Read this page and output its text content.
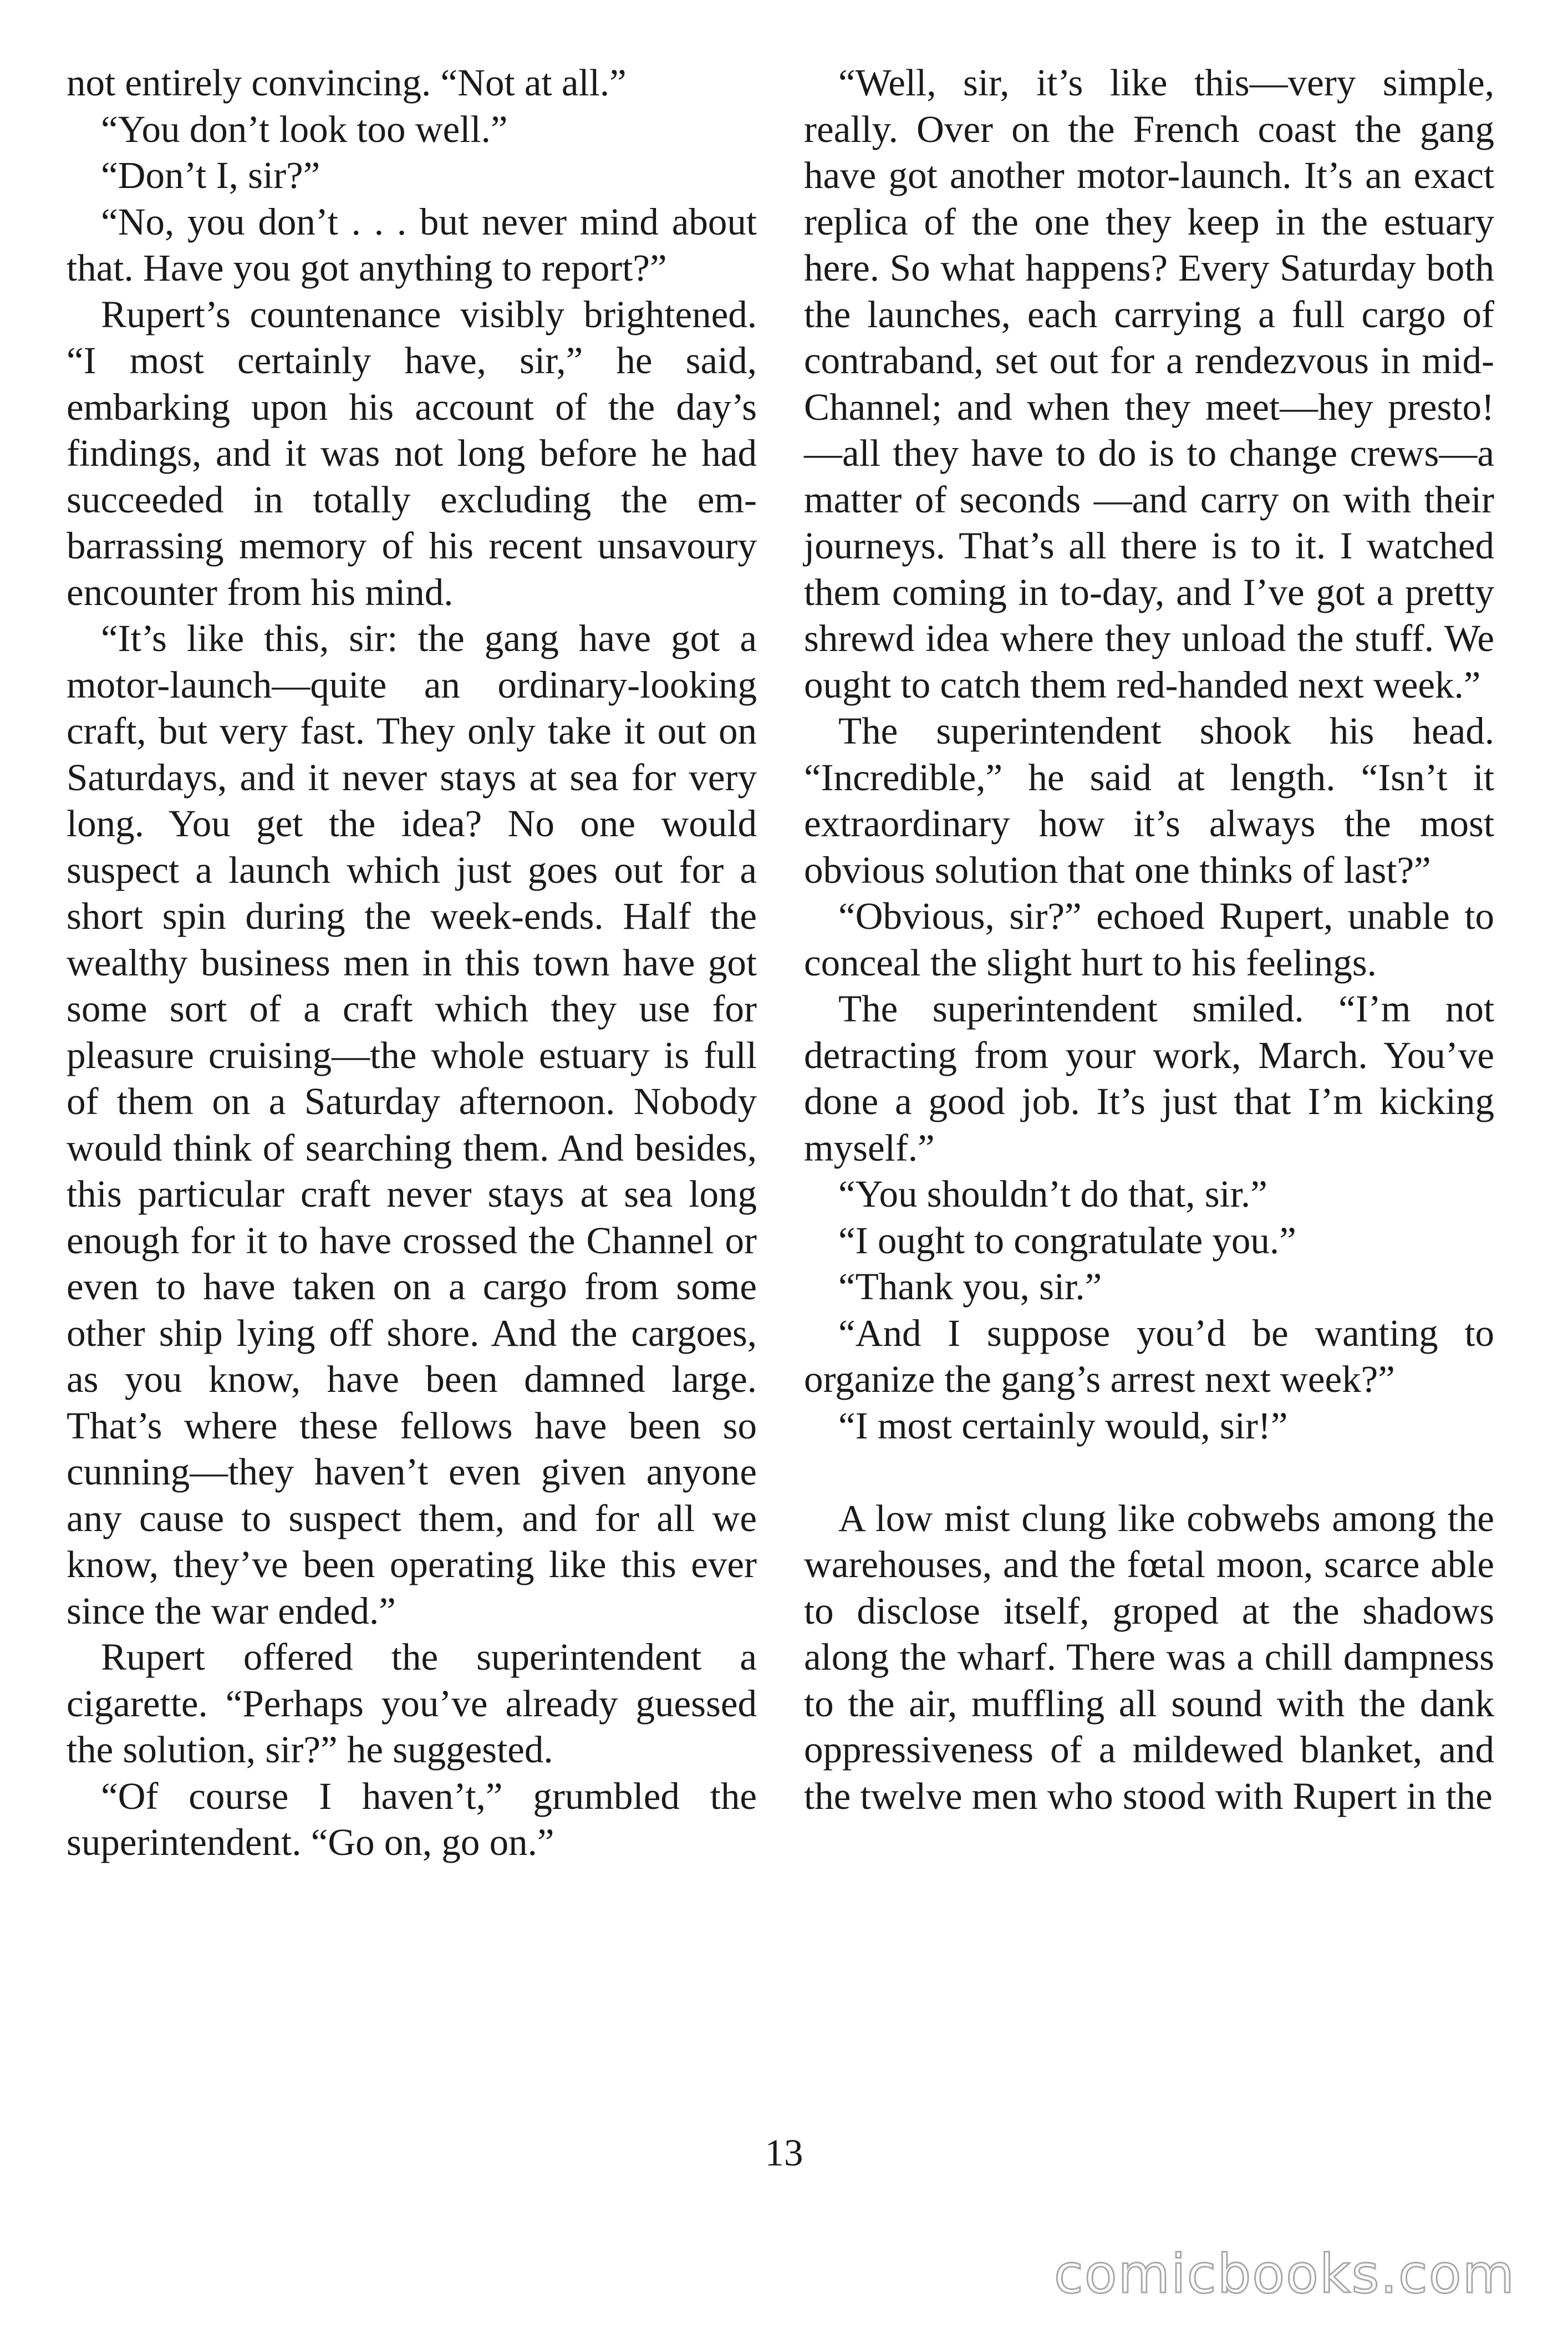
not entirely convincing. “Not at all.”

“You don’t look too well.”

“Don’t I, sir?”

“No, you don’t . . . but never mind about that. Have you got anything to report?”

Rupert’s countenance visibly brightened. “I most certainly have, sir,” he said, embarking upon his account of the day’s findings, and it was not long before he had succeeded in totally excluding the embarrassing memory of his recent unsavoury encounter from his mind.

“It’s like this, sir: the gang have got a motor-launch—quite an ordinary-looking craft, but very fast. They only take it out on Saturdays, and it never stays at sea for very long. You get the idea? No one would suspect a launch which just goes out for a short spin during the week-ends. Half the wealthy business men in this town have got some sort of a craft which they use for pleasure cruising—the whole estuary is full of them on a Saturday afternoon. Nobody would think of searching them. And besides, this particular craft never stays at sea long enough for it to have crossed the Channel or even to have taken on a cargo from some other ship lying off shore. And the cargoes, as you know, have been damned large. That’s where these fellows have been so cunning—they haven’t even given anyone any cause to suspect them, and for all we know, they’ve been operating like this ever since the war ended.”

Rupert offered the superintendent a cigarette. “Perhaps you’ve already guessed the solution, sir?” he suggested.

“Of course I haven’t,” grumbled the superintendent. “Go on, go on.”

“Well, sir, it’s like this—very simple, really. Over on the French coast the gang have got another motor-launch. It’s an exact replica of the one they keep in the estuary here. So what happens? Every Saturday both the launches, each carrying a full cargo of contraband, set out for a rendezvous in mid-Channel; and when they meet—hey presto!—all they have to do is to change crews—a matter of seconds —and carry on with their journeys. That’s all there is to it. I watched them coming in to-day, and I’ve got a pretty shrewd idea where they unload the stuff. We ought to catch them red-handed next week.”

The superintendent shook his head. “Incredible,” he said at length. “Isn’t it extraordinary how it’s always the most obvious solution that one thinks of last?”

“Obvious, sir?” echoed Rupert, unable to conceal the slight hurt to his feelings.

The superintendent smiled. “I’m not detracting from your work, March. You’ve done a good job. It’s just that I’m kicking myself.”

“You shouldn’t do that, sir.”

“I ought to congratulate you.”

“Thank you, sir.”

“And I suppose you’d be wanting to organize the gang’s arrest next week?”

“I most certainly would, sir!”

A low mist clung like cobwebs among the warehouses, and the fœtal moon, scarce able to disclose itself, groped at the shadows along the wharf. There was a chill dampness to the air, muffling all sound with the dank oppressiveness of a mildewed blanket, and the twelve men who stood with Rupert in the

13
comicbooks.com
